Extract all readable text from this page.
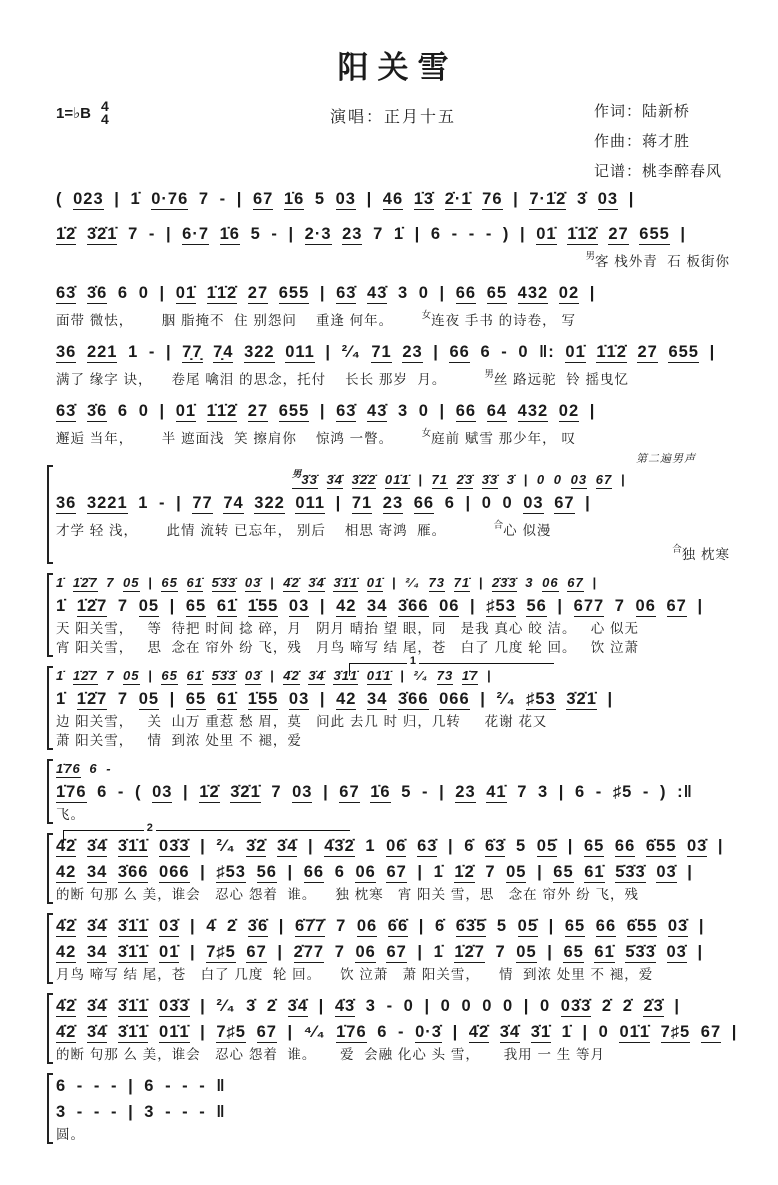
阳关雪
1=♭B 4
4	演唱：正月十五	作词：陆新桥
作曲：蒋才胜
记谱：桃李醉春风
( 023 | 1̇ 0·76 7 - | 67 1̇6 5 03 | 46 1̇3̇ 2̇·1̇ 76 | 7·1̇2̇ 3̇ 03 |
1̇2̇ 3̇2̇1̇ 7 - | 6·7 1̇6 5 - | 2·3 23 7 1̇ | 6 - - - ) | 01̇ 1̇1̇2̇ 27 655 |
$^男$客 栈外青 石 板街你
63̇ 3̇6 6 0 | 01̇ 1̇1̇2̇ 27 655 | 63̇ 43̇ 3 0 | 66 65 432 02 |
面带 微怯， 胭 脂掩不 住 别怨问 重逢 何年。	$^女$连夜 手书 的诗卷， 写
36 221 1 - | 7̣7̣ 7̣4 322 011 | ²⁄₄ 71 23 | 66 6 - 0 ‖: 01̇ 1̇1̇2̇ 27 655 |
满了 缘字 诀， 卷尾 噙泪 的思念，托付 长长 那岁 月。	$^男$丝 路远驼 铃 摇曳忆
63̇ 3̇6 6 0 | 01̇ 1̇1̇2̇ 27 655 | 63̇ 43̇ 3 0 | 66 64 432 02 |
邂逅 当年， 半 遮面浅 笑 擦肩你 惊鸿 一瞥。	$^女$庭前 赋雪 那少年， 叹
第二遍男声
$^男$3̇3̇ 3̇4̇ 3̇2̇2̇ 01̇1̇ | 71 2̇3̇ 3̇3̇ 3̇ | 0 0 03 67 |
36 3221 1 - | 77 74 322 011 | 71 23 66 6 | 0 0 03 67 |
才学 轻 浅， 此情 流转 已忘年， 别后 相思 寄鸿 雁。	$^合$心 似漫
$^合$独 枕寒
1̇ 1̇2̇7 7 05 | 65 61̇ 5̇3̇3̇ 03̇ | 4̇2̇ 3̇4̇ 3̇1̇1̇ 01̇ | ²⁄₄ 73 71̇ | 2̇3̇3̇ 3 06 67 |
1̇ 1̇2̇7 7 05 | 65 61̇ 1̇55 03 | 42 34 3̇66 06 | ♯53 56 | 677 7 06 67 |
天 阳关雪， 等 待把 时间 捻 碎，月 阴月 晴抬 望 眼，同 是我 真心 皎 洁。 心 似无
宵 阳关雪， 思 念在 帘外 纷 飞，残 月鸟 啼写 结 尾，苍 白了 几度 轮 回。 饮 泣萧
1
1̇ 1̇2̇7 7 05 | 65 61̇ 5̇3̇3̇ 03̇ | 4̇2̇ 3̇4̇ 3̇1̇1̇ 01̇1̇ | ²⁄₄ 73 1̇7 |
1̇ 1̇2̇7 7 05 | 65 61̇ 1̇55 03 | 42 34 3̇66 066 | ²⁄₄ ♯53 3̇2̇1̇ |
边 阳关雪， 关 山万 重惹 愁 眉，莫 问此 去几 时 归，几转 花谢 花又
萧 阳关雪， 情 到浓 处里 不 褪，爱
1̇76 6 -
1̇76 6 - ( 03 | 1̇2̇ 3̇2̇1̇ 7 03 | 67 1̇6 5 - | 23 41̇ 7 3 | 6 - ♯5 - ) :‖
飞。
2
4̇2̇ 3̇4̇ 3̇1̇1̇ 03̇3̇ | ²⁄₄ 3̇2̇ 3̇4̇ | 4̇3̇2̇ 1 06̇ 63̇ | 6̇ 6̇3̇ 5 05̇ | 65 66 6̇55 03̇ |
42 34 3̇66 066 | ♯53 56 | 66 6 06 67 | 1̇ 1̇2̇ 7 05 | 65 61̇ 5̇3̇3̇ 03̇ |
的断 句那 么 美，谁会 忍心 怨着 谁。 独 枕寒 宵 阳关 雪，思 念在 帘外 纷 飞，残
4̇2̇ 3̇4̇ 3̇1̇1̇ 03̇ | 4̇ 2̇ 3̇6̇ | 6̇7̇7̇ 7 06 6̇6̇ | 6̇ 6̇3̇5̇ 5 05̇ | 65 66 6̇55 03̇ |
42 34 3̇1̇1̇ 01̇ | 7♯5 67 | 2̇77 7 06 67 | 1̇ 1̇2̇7 7 05 | 65 61̇ 5̇3̇3̇ 03̇ |
月鸟 啼写 结 尾，苍 白了 几度 轮 回。 饮 泣萧 萧 阳关雪， 情 到浓 处里 不 褪，爱
4̇2̇ 3̇4̇ 3̇1̇1̇ 03̇3̇ | ²⁄₄ 3̇ 2̇ 3̇4̇ | 4̇3̇ 3 - 0 | 0 0 0 0 | 0 03̇3̇ 2̇ 2̇ 2̇3̇ |
4̇2̇ 3̇4̇ 3̇1̇1̇ 01̇1̇ | 7♯5 67 | ⁴⁄₄ 1̇76 6 - 0·3̇ | 4̇2̇ 3̇4̇ 3̇1̇ 1̇ | 0 01̇1̇ 7♯5 67 |
的断 句那 么 美，谁会 忍心 怨着 谁。 爱 会融 化心 头 雪， 我用 一 生 等月
6 - - - | 6 - - - ‖
3 - - - | 3 - - - ‖
圆。
